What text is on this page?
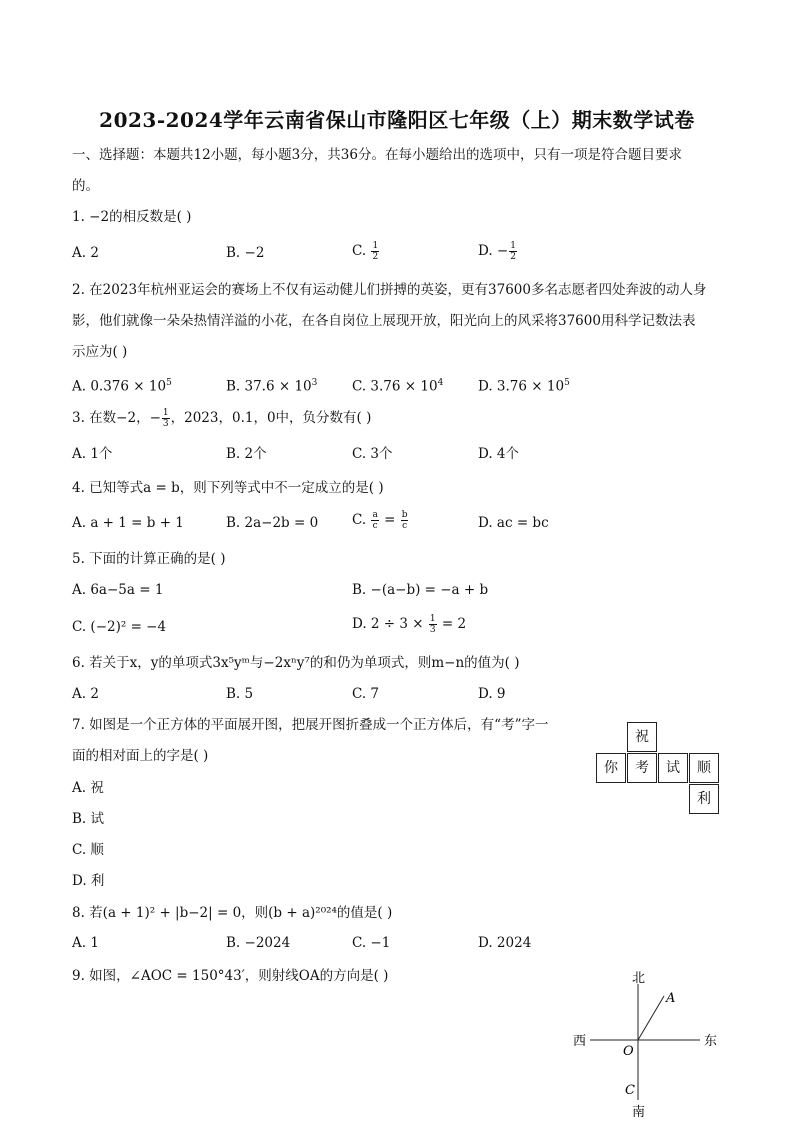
2023-2024学年云南省保山市隆阳区七年级（上）期末数学试卷
一、选择题：本题共12小题，每小题3分，共36分。在每小题给出的选项中，只有一项是符合题目要求
的。
1. −2的相反数是( )
A. 2	B. −2	C. $\frac{1}{2}$	D. − $\frac{1}{2}$
2. 在2023年杭州亚运会的赛场上不仅有运动健儿们拼搏的英姿，更有37600多名志愿者四处奔波的动人身
影，他们就像一朵朵热情洋溢的小花，在各自岗位上展现开放，阳光向上的风采将37600用科学记数法表
示应为( )
A. $0.376 \times 10^5$	B. $37.6 \times 10^3$	C. $3.76 \times 10^4$	D. $3.76 \times 10^5$
3. 在数−2，− $\frac{1}{3}$ ，2023，0.1，0中，负分数有( )
A. 1个	B. 2个	C. 3个	D. 4个
4. 已知等式a = b，则下列等式中不一定成立的是( )
A. a + 1 = b + 1	B. 2a−2b = 0	C. $\frac{a}{c} = \frac{b}{c}$	D. ac = bc
5. 下面的计算正确的是( )
A. 6a−5a = 1	B. −(a−b) = −a + b
C. (−2)² = −4	D. $2 \div 3 \times \frac{1}{3} = 2$
6. 若关于x，y的单项式3x⁵yᵐ与−2xⁿy⁷的和仍为单项式，则m−n的值为( )
A. 2	B. 5	C. 7	D. 9
7. 如图是一个正方体的平面展开图，把展开图折叠成一个正方体后，有“考”字一
面的相对面上的字是( )
A. 祝
B. 试
C. 顺
D. 利
祝
你	考	试	顺
利
8. 若(a + 1)² + |b−2| = 0，则(b + a)²⁰²⁴的值是( )
A. 1	B. −2024	C. −1	D. 2024
9. 如图，∠AOC = 150°43′，则射线OA的方向是( )	北
南
东
西
O
A
C
